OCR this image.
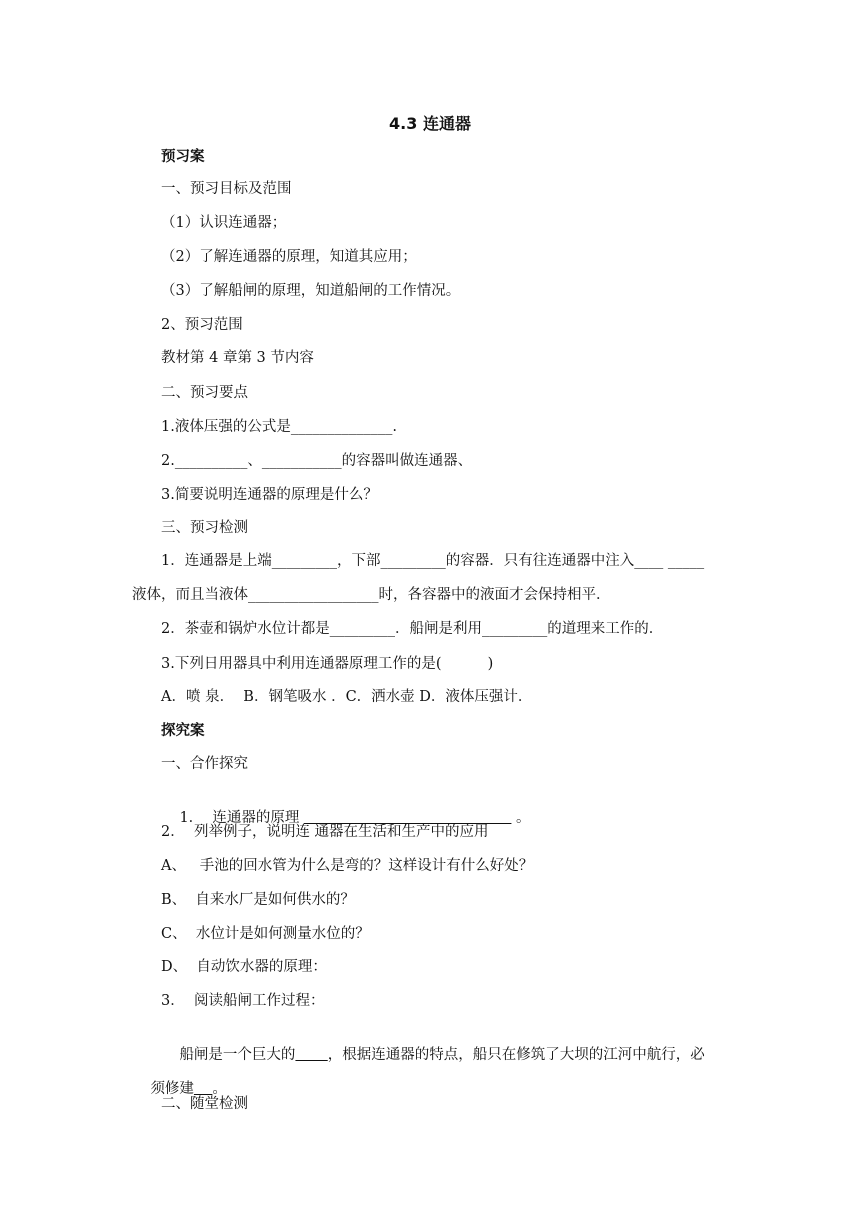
4.3 连通器
预习案
一、预习目标及范围
（1）认识连通器；
（2）了解连通器的原理，知道其应用；
（3）了解船闸的原理，知道船闸的工作情况。
2、预习范围
教材第 4 章第 3 节内容
二、预习要点
1.液体压强的公式是______________.
2.__________、___________的容器叫做连通器、
3.简要说明连通器的原理是什么？
三、预习检测
1．连通器是上端_________，下部_________的容器．只有往连通器中注入____ _____
液体，而且当液体__________________时，各容器中的液面才会保持相平．
2．茶壶和锅炉水位计都是_________．船闸是利用_________的道理来工作的．
3.下列日用器具中利用连通器原理工作的是(          )
A．喷 泉．  B．钢笔吸水 ．C．洒水壶 D．液体压强计．
探究案
一、合作探究

1．  连通器的原理	。

2．  列举例子，说明连 通器在生活和生产中的应用
A、   手池的回水管为什么是弯的？这样设计有什么好处？
B、  自来水厂是如何供水的？
C、  水位计是如何测量水位的？
D、  自动饮水器的原理：
3．  阅读船闸工作过程：

船闸是一个巨大的 ，根据连通器的特点，船只在修筑了大坝的江河中航行，必

须修建 。

二、随堂检测
